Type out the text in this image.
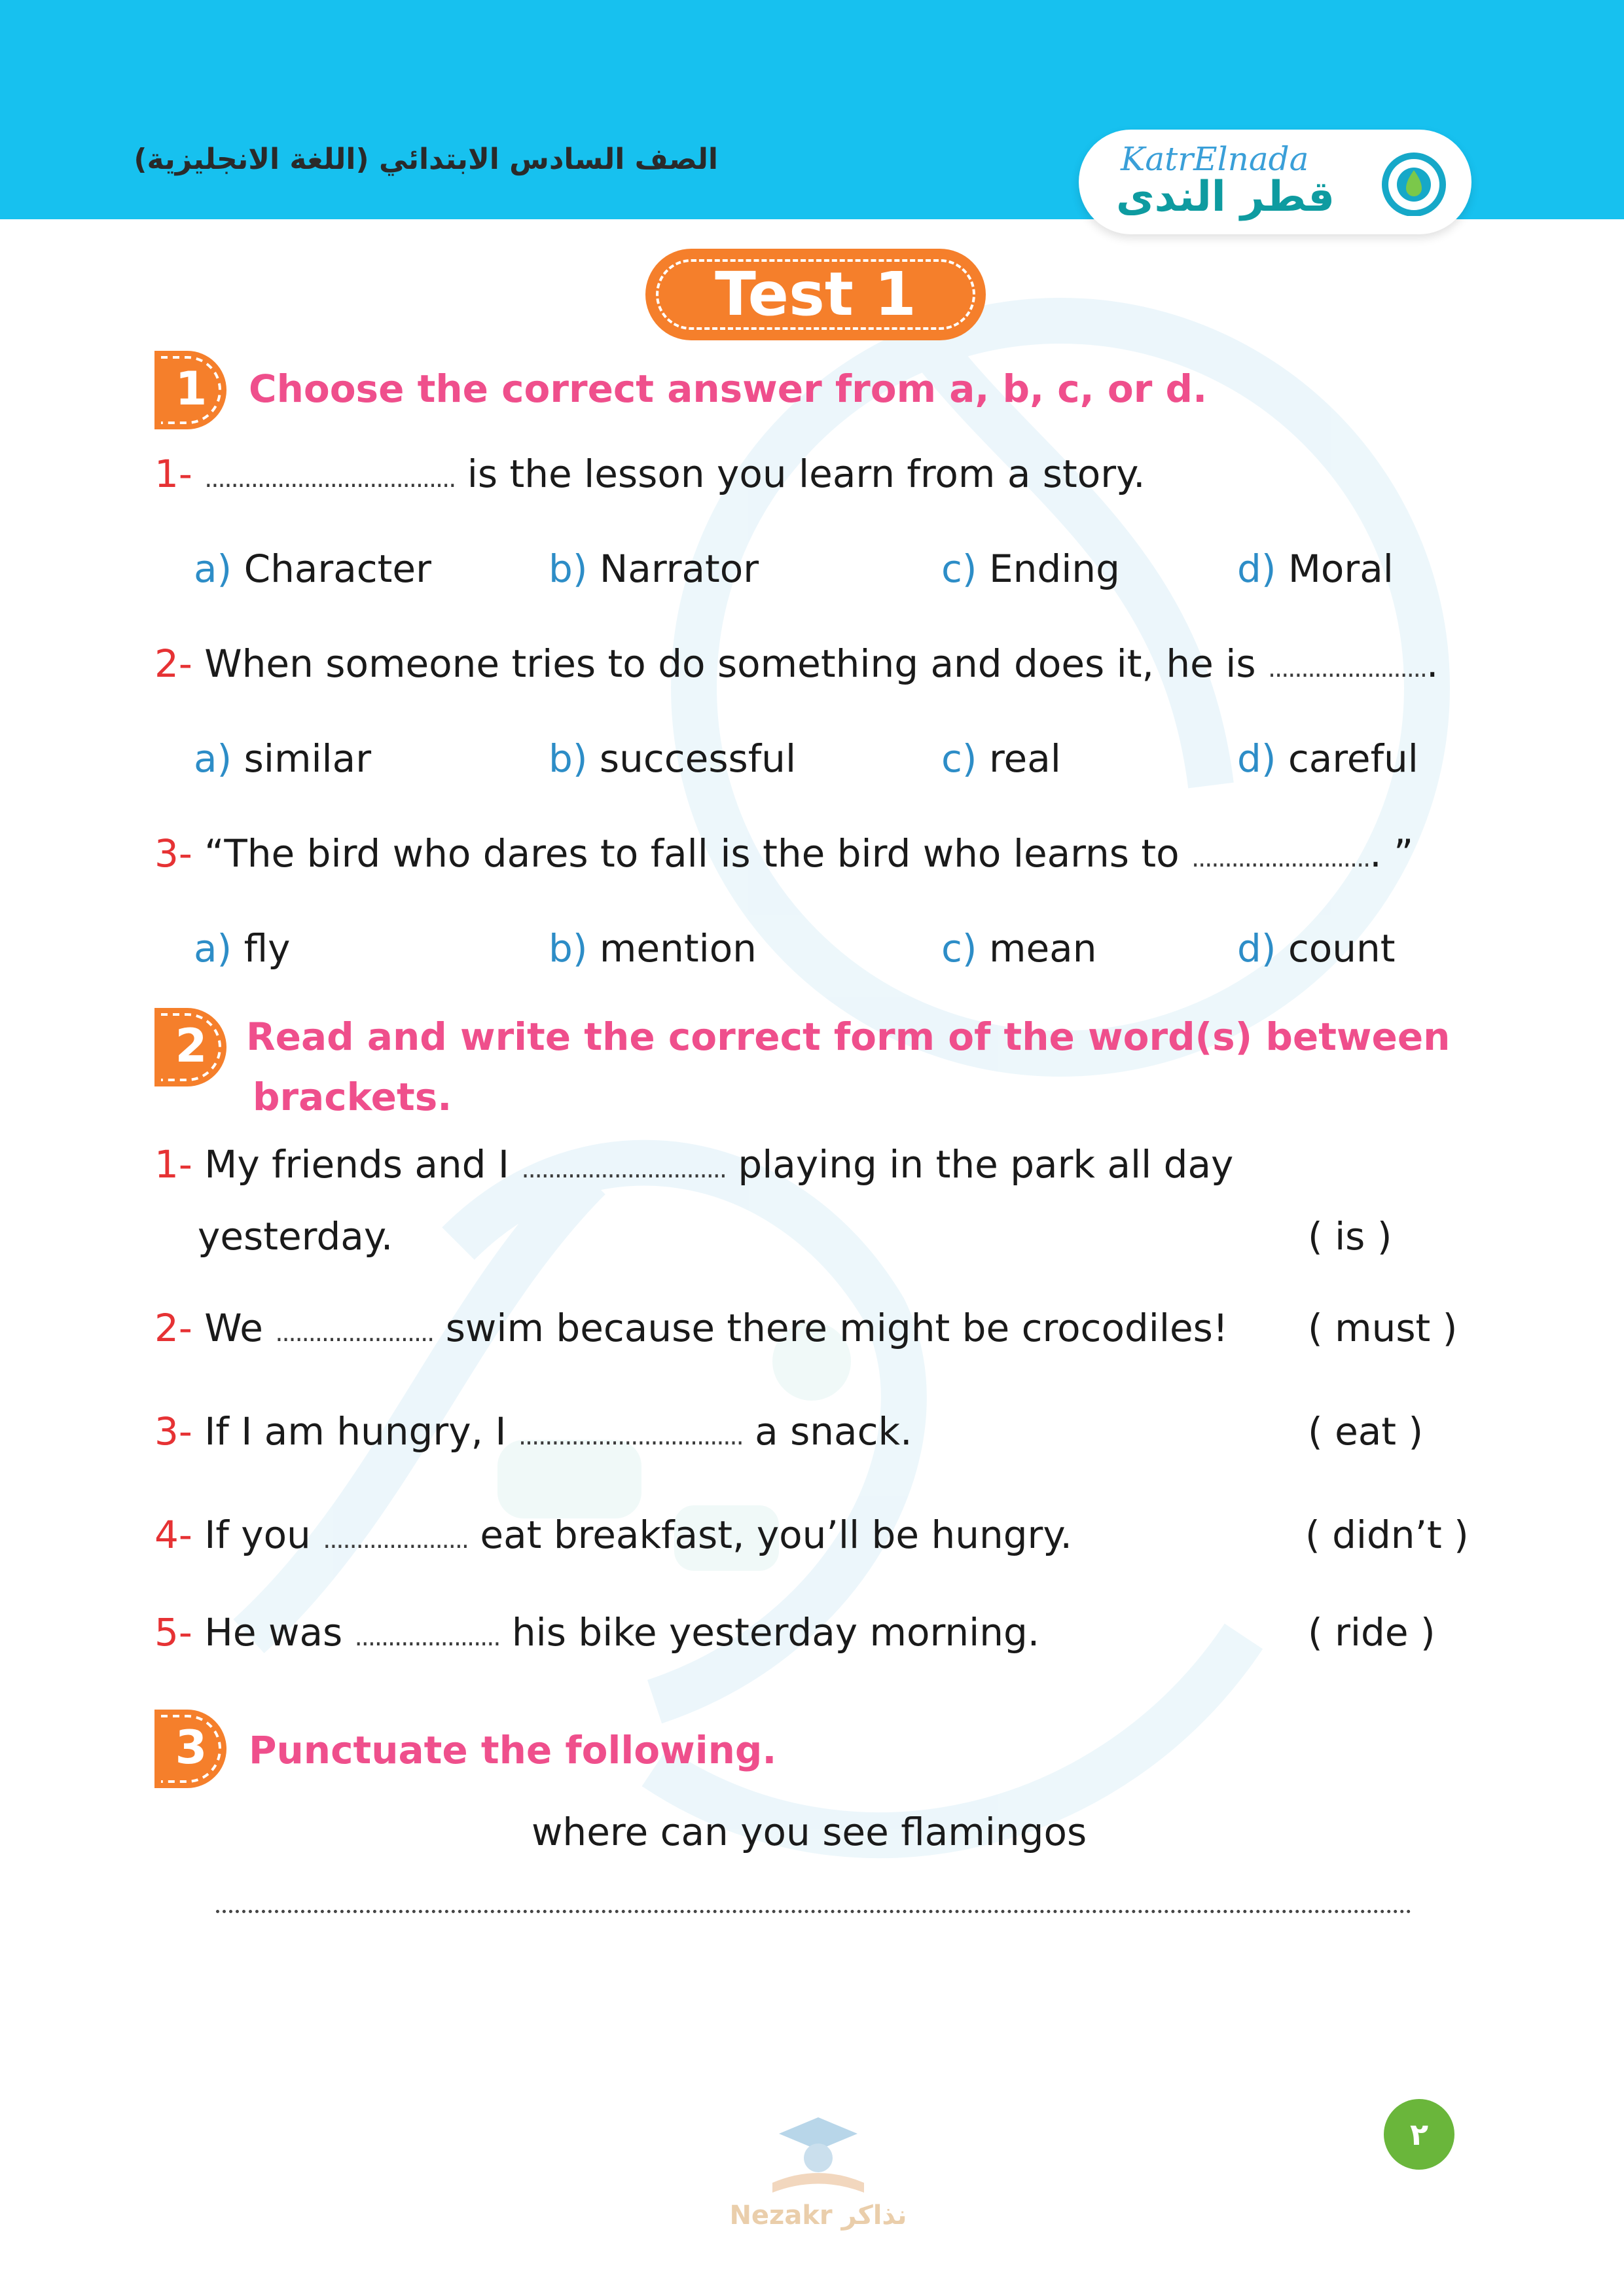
الصف السادس الابتدائي (اللغة الانجليزية)	KatrElnada
قطر الندى
Test 1
1	Choose the correct answer from a, b, c, or d.
1- ...................................... is the lesson you learn from a story.
a) Character	b) Narrator	c) Ending	d) Moral
2- When someone tries to do something and does it, he is .........................
a) similar	b) successful	c) real	d) careful
3- “The bird who dares to fall is the bird who learns to ............................ ”
a) fly	b) mention	c) mean	d) count
2	Read and write the correct form of the word(s) between
brackets.
1- My friends and I ............................... playing in the park all day
yesterday.	( is )
2- We ........................ swim because there might be crocodiles! ( must )
3- If I am hungry, I .................................. a snack.	( eat )
4- If you ...................... eat breakfast, you’ll be hungry.	( didn’t )
5- He was ...................... his bike yesterday morning.	( ride )
3	Punctuate the following.
where can you see flamingos
Nezakr نذاكر
٢
